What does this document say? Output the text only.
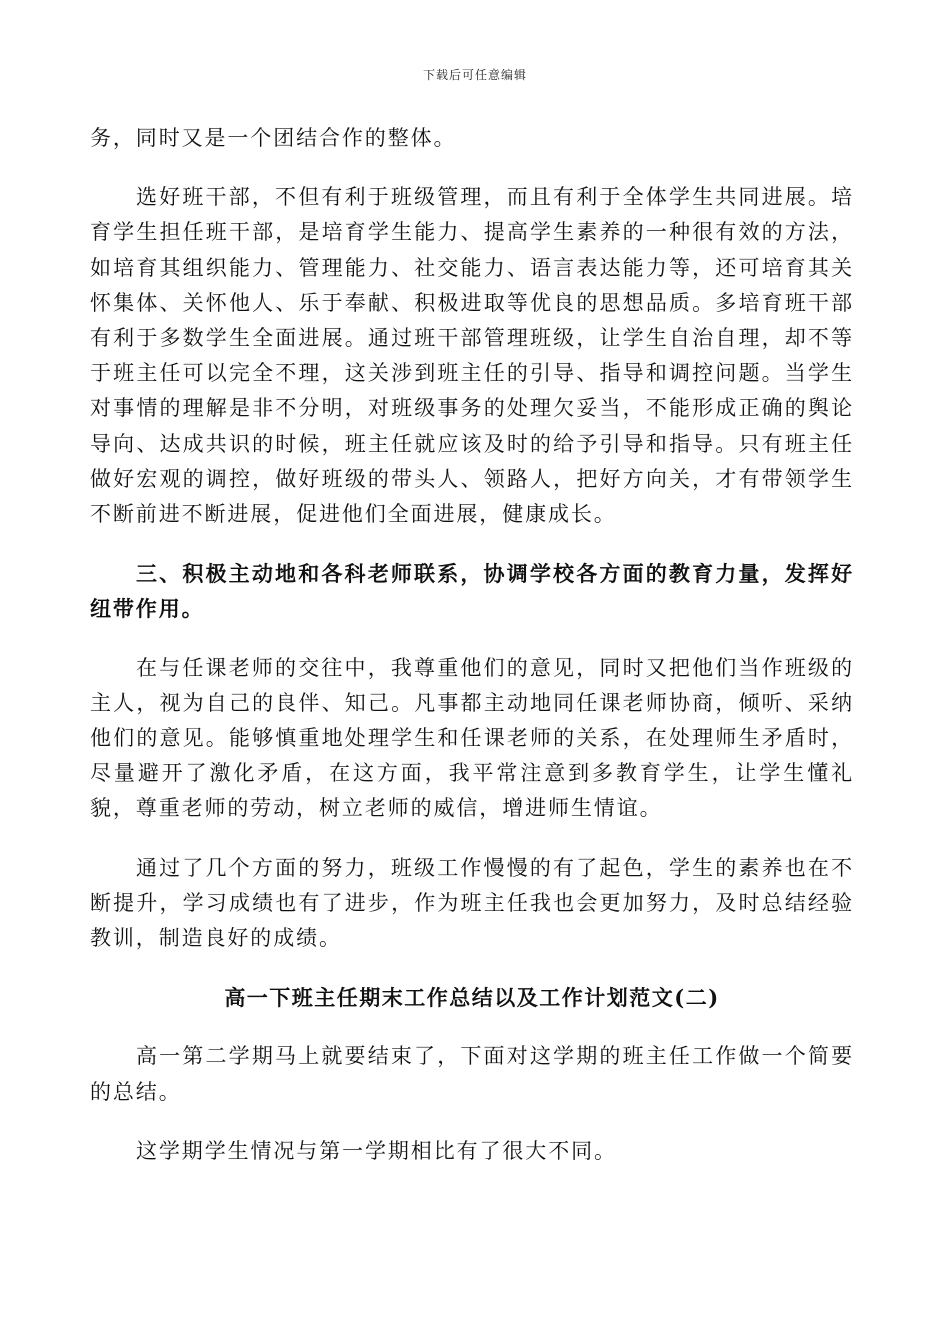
下载后可任意编辑

务，同时又是一个团结合作的整体。

选好班干部，不但有利于班级管理，而且有利于全体学生共同进展。培育学生担任班干部，是培育学生能力、提高学生素养的一种很有效的方法，如培育其组织能力、管理能力、社交能力、语言表达能力等，还可培育其关怀集体、关怀他人、乐于奉献、积极进取等优良的思想品质。多培育班干部有利于多数学生全面进展。通过班干部管理班级，让学生自治自理，却不等于班主任可以完全不理，这关涉到班主任的引导、指导和调控问题。当学生对事情的理解是非不分明，对班级事务的处理欠妥当，不能形成正确的舆论导向、达成共识的时候，班主任就应该及时的给予引导和指导。只有班主任做好宏观的调控，做好班级的带头人、领路人，把好方向关，才有带领学生不断前进不断进展，促进他们全面进展，健康成长。

三、积极主动地和各科老师联系，协调学校各方面的教育力量，发挥好纽带作用。

在与任课老师的交往中，我尊重他们的意见，同时又把他们当作班级的主人，视为自己的良伴、知己。凡事都主动地同任课老师协商，倾听、采纳他们的意见。能够慎重地处理学生和任课老师的关系，在处理师生矛盾时，尽量避开了激化矛盾，在这方面，我平常注意到多教育学生，让学生懂礼貌，尊重老师的劳动，树立老师的威信，增进师生情谊。

通过了几个方面的努力，班级工作慢慢的有了起色，学生的素养也在不断提升，学习成绩也有了进步，作为班主任我也会更加努力，及时总结经验教训，制造良好的成绩。

高一下班主任期末工作总结以及工作计划范文(二)

高一第二学期马上就要结束了，下面对这学期的班主任工作做一个简要的总结。

这学期学生情况与第一学期相比有了很大不同。
